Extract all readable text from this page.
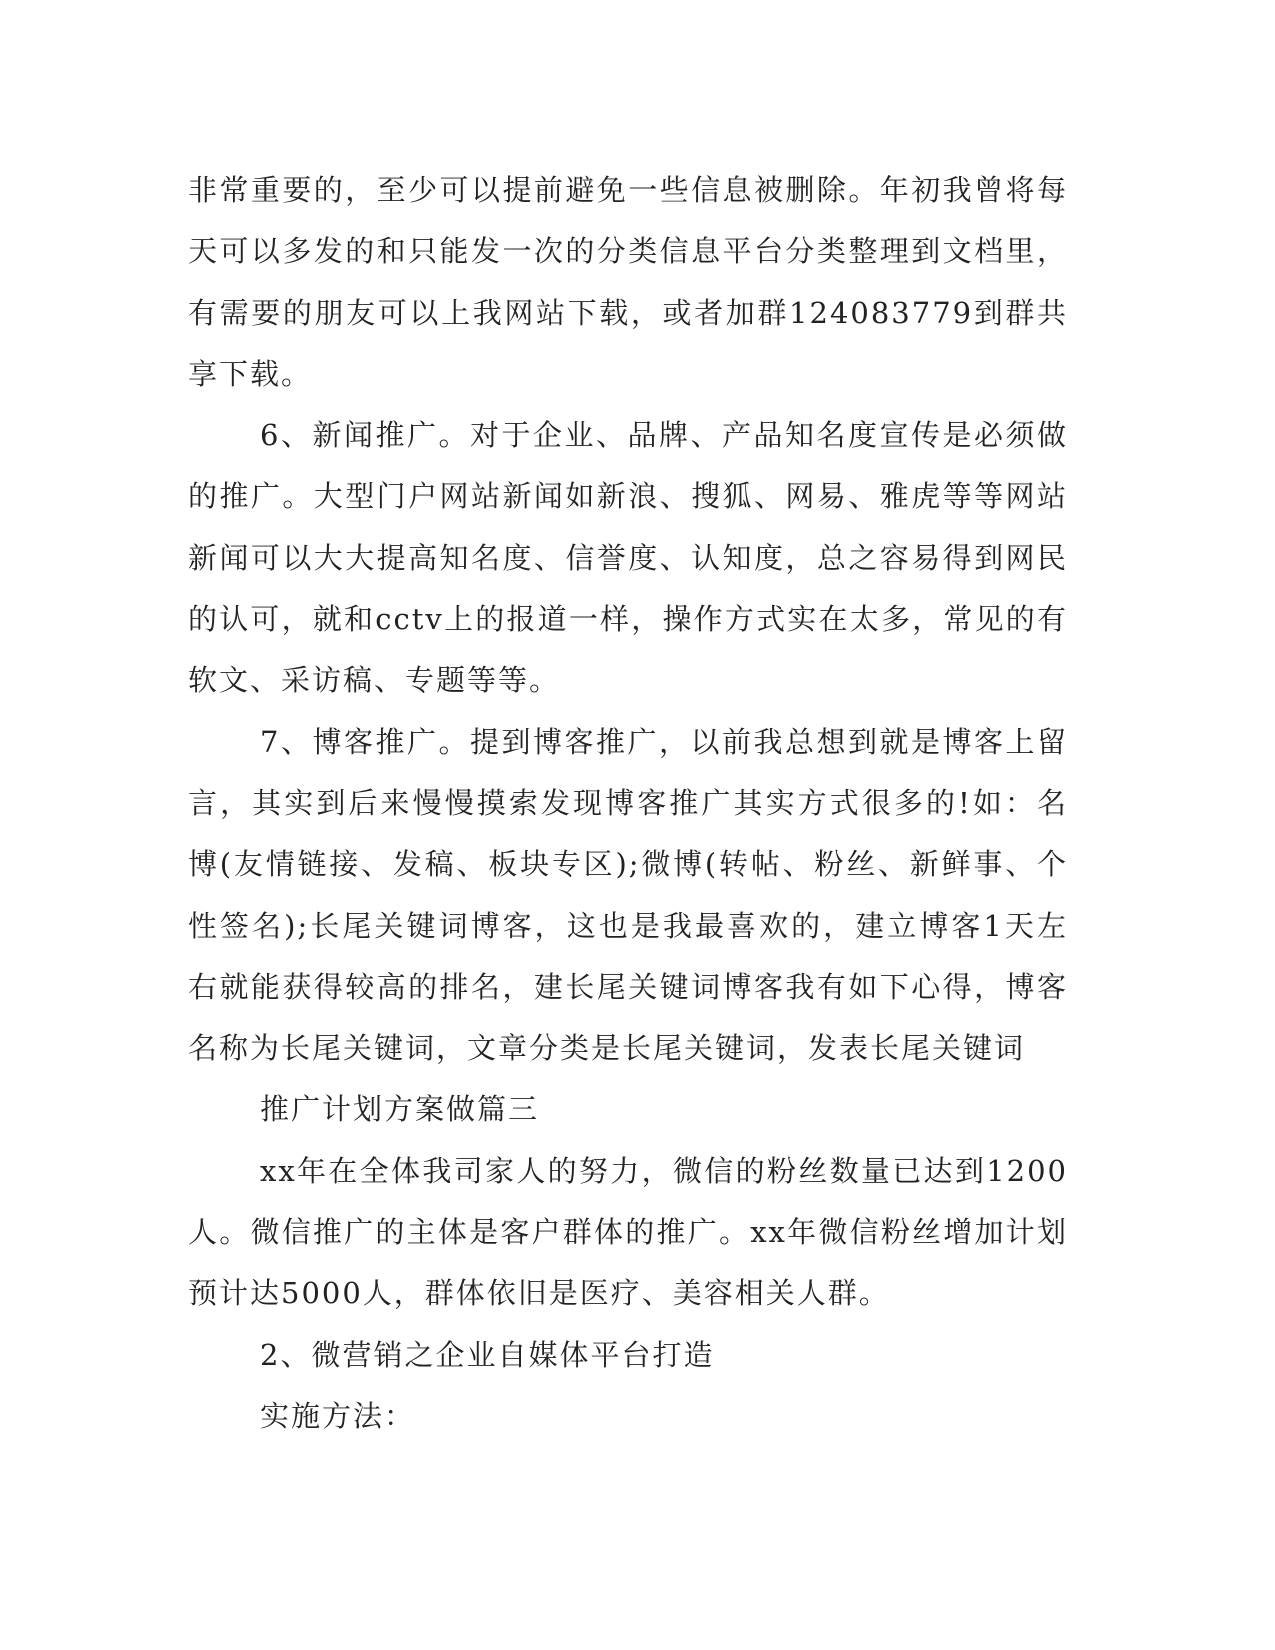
非常重要的，至少可以提前避免一些信息被删除。年初我曾将每天可以多发的和只能发一次的分类信息平台分类整理到文档里，有需要的朋友可以上我网站下载，或者加群124083779到群共享下载。

6、新闻推广。对于企业、品牌、产品知名度宣传是必须做的推广。大型门户网站新闻如新浪、搜狐、网易、雅虎等等网站新闻可以大大提高知名度、信誉度、认知度，总之容易得到网民的认可，就和cctv上的报道一样，操作方式实在太多，常见的有软文、采访稿、专题等等。

7、博客推广。提到博客推广，以前我总想到就是博客上留言，其实到后来慢慢摸索发现博客推广其实方式很多的!如：名博(友情链接、发稿、板块专区);微博(转帖、粉丝、新鲜事、个性签名);长尾关键词博客，这也是我最喜欢的，建立博客1天左右就能获得较高的排名，建长尾关键词博客我有如下心得，博客名称为长尾关键词，文章分类是长尾关键词，发表长尾关键词

推广计划方案做篇三

xx年在全体我司家人的努力，微信的粉丝数量已达到1200人。微信推广的主体是客户群体的推广。xx年微信粉丝增加计划预计达5000人，群体依旧是医疗、美容相关人群。

2、微营销之企业自媒体平台打造

实施方法：
